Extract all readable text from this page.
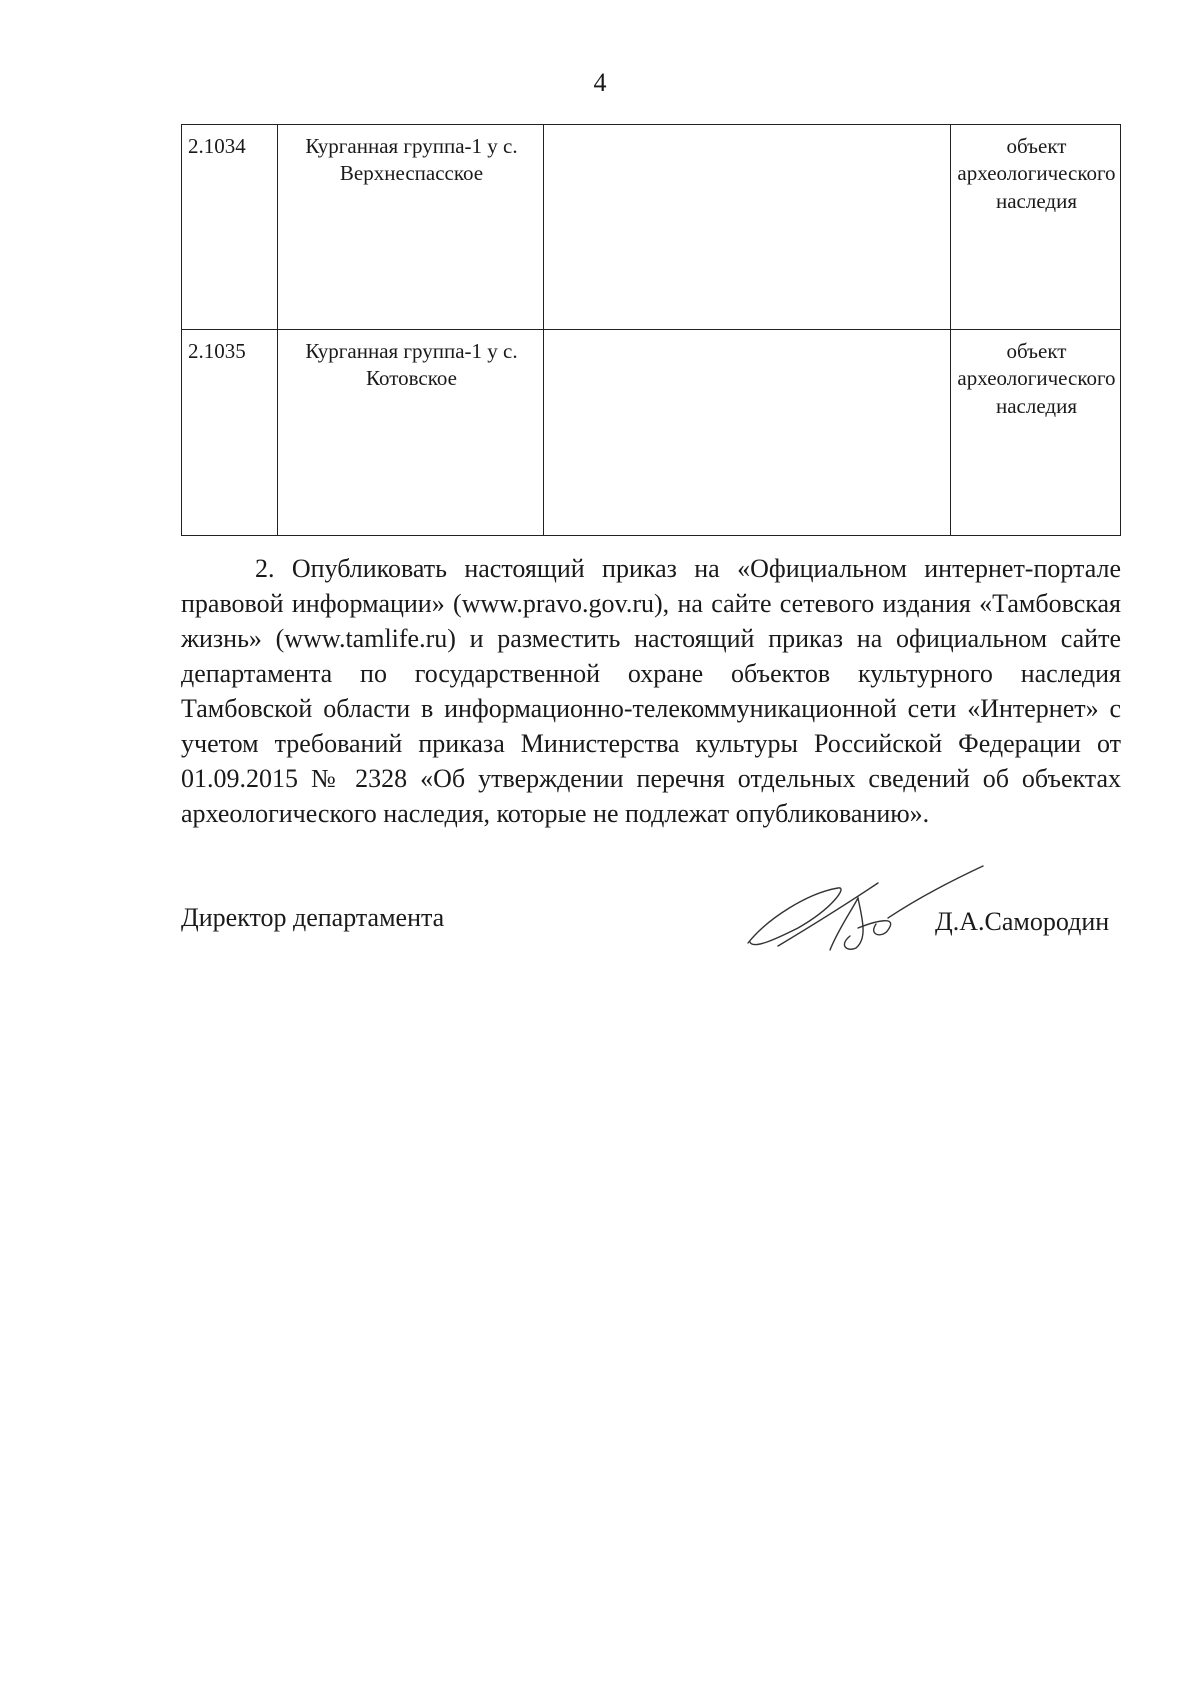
4
2.1034	Курганная группа-1 у с. Верхнеспасское		объект археологического наследия
2.1035	Курганная группа-1 у с. Котовское		объект археологического наследия
2. Опубликовать настоящий приказ на «Официальном интернет-портале правовой информации» (www.pravo.gov.ru), на сайте сетевого издания «Тамбовская жизнь» (www.tamlife.ru) и разместить настоящий приказ на официальном сайте департамента по государственной охране объектов культурного наследия Тамбовской области в информационно-телекоммуникационной сети «Интернет» с учетом требований приказа Министерства культуры Российской Федерации от 01.09.2015 № 2328 «Об утверждении перечня отдельных сведений об объектах археологического наследия, которые не подлежат опубликованию».
Директор департамента	Д.А.Самородин
